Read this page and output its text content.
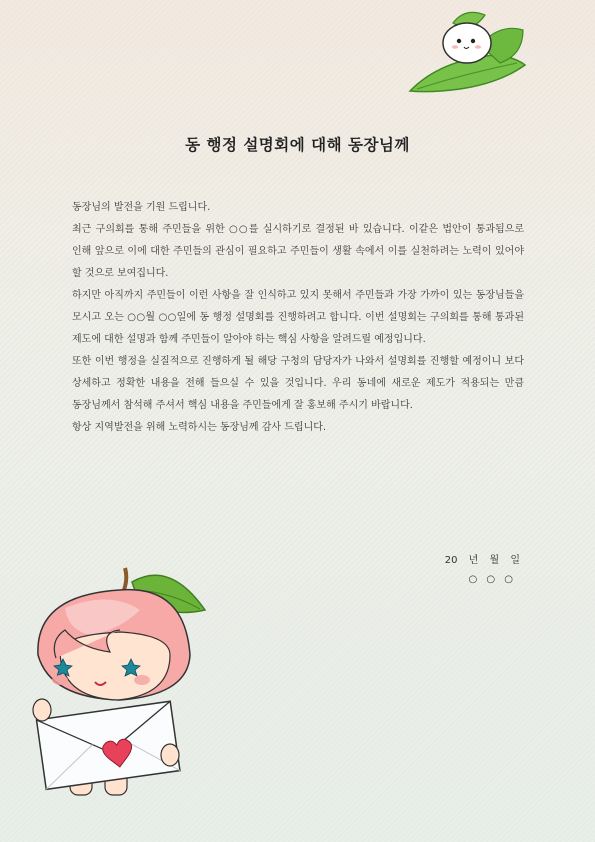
동 행정 설명회에 대해 동장님께

동장님의 발전을 기원 드립니다.

최근 구의회를 통해 주민들을 위한 ○○를 실시하기로 결정된 바 있습니다. 이같은 법안이 통과됨으로 인해 앞으로 이에 대한 주민들의 관심이 필요하고 주민들이 생활 속에서 이를 실천하려는 노력이 있어야 할 것으로 보여집니다.

하지만 아직까지 주민들이 이런 사항을 잘 인식하고 있지 못해서 주민들과 가장 가까이 있는 동장님들을 모시고 오는 ○○월 ○○일에 동 행정 설명회를 진행하려고 합니다. 이번 설명회는 구의회를 통해 통과된 제도에 대한 설명과 함께 주민들이 알아야 하는 핵심 사항을 알려드릴 예정입니다.

또한 이번 행정을 실질적으로 진행하게 될 해당 구청의 담당자가 나와서 설명회를 진행할 예정이니 보다 상세하고 정확한 내용을 전해 들으실 수 있을 것입니다. 우리 동네에 새로운 제도가 적용되는 만큼 동장님께서 참석해 주셔서 핵심 내용을 주민들에게 잘 홍보해 주시기 바랍니다.

항상 지역발전을 위해 노력하시는 동장님께 감사 드립니다.

20 년 월 일
○ ○ ○
